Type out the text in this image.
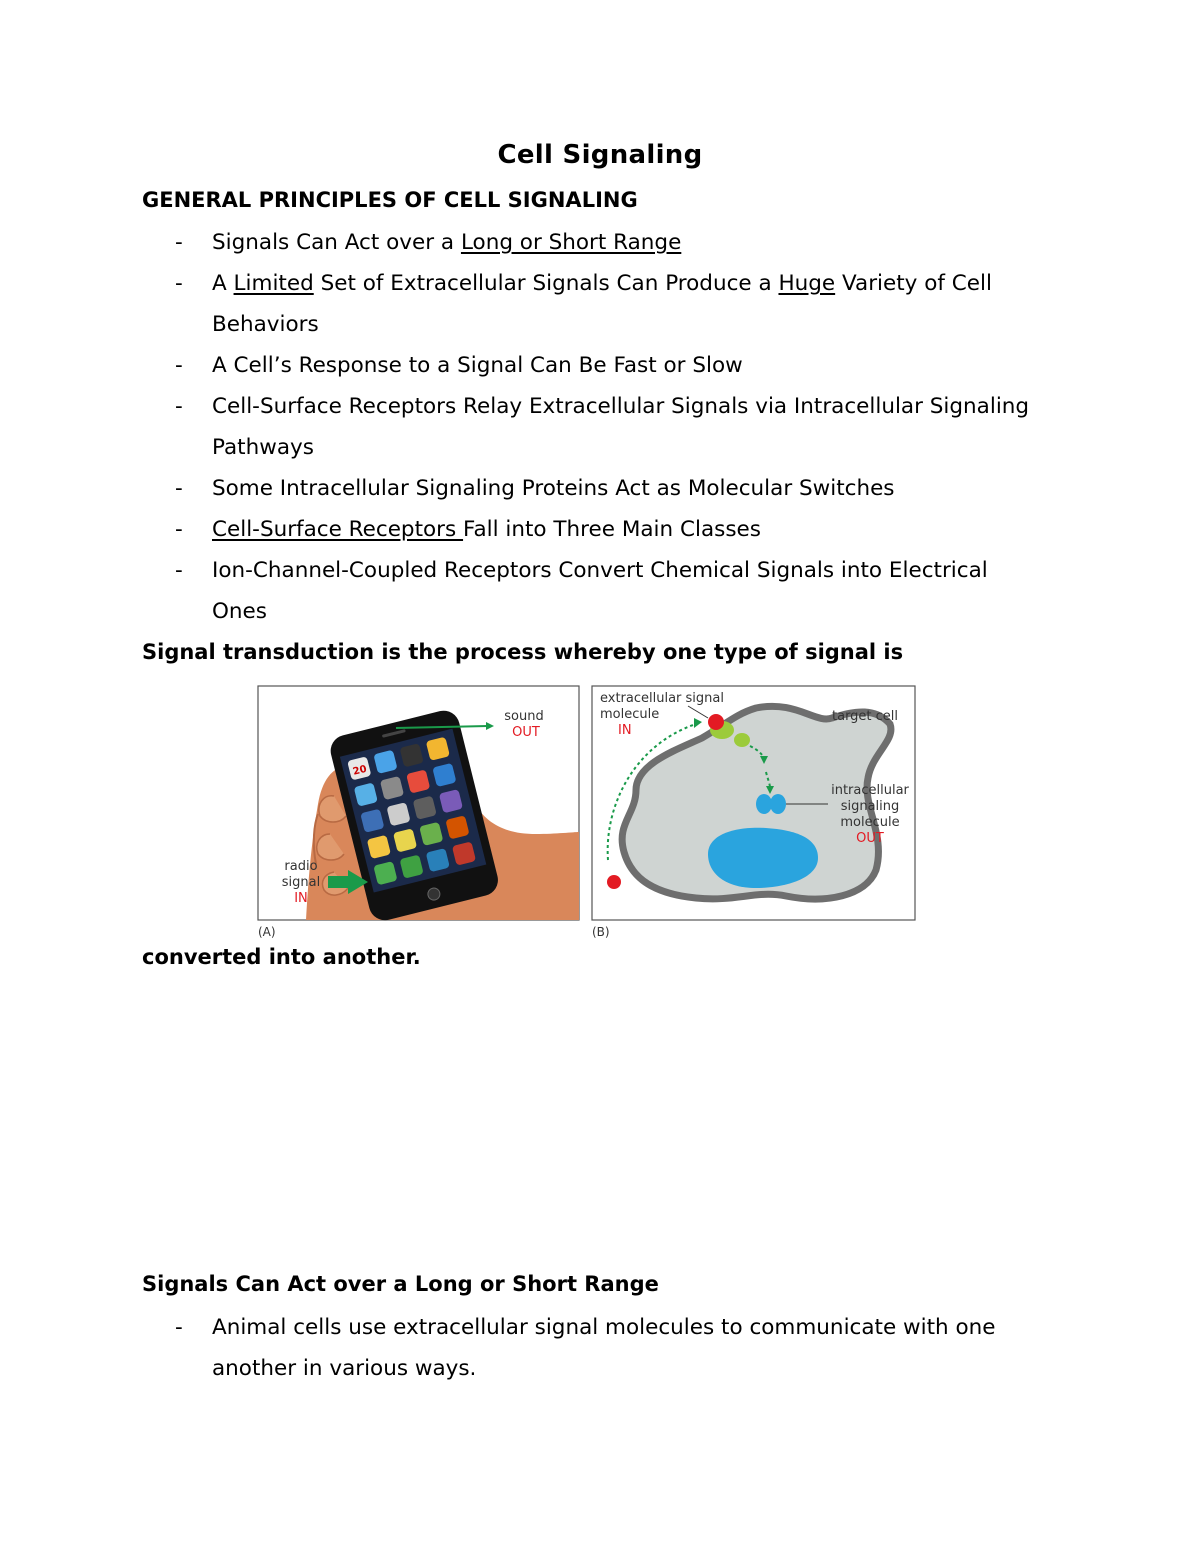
Cell Signaling
GENERAL PRINCIPLES OF CELL SIGNALING
- Signals Can Act over a Long or Short Range
- A Limited Set of Extracellular Signals Can Produce a Huge Variety of Cell Behaviors
- A Cell’s Response to a Signal Can Be Fast or Slow
- Cell-Surface Receptors Relay Extracellular Signals via Intracellular Signaling Pathways
- Some Intracellular Signaling Proteins Act as Molecular Switches
- Cell-Surface Receptors Fall into Three Main Classes
- Ion-Channel-Coupled Receptors Convert Chemical Signals into Electrical Ones
Signal transduction is the process whereby one type of signal is
20
sound
OUT
radio
signal
IN
(A)
extracellular signal
molecule
IN
target cell
intracellular
signaling
molecule
OUT
(B)
converted into another.
Signals Can Act over a Long or Short Range
- Animal cells use extracellular signal molecules to communicate with one another in various ways.
